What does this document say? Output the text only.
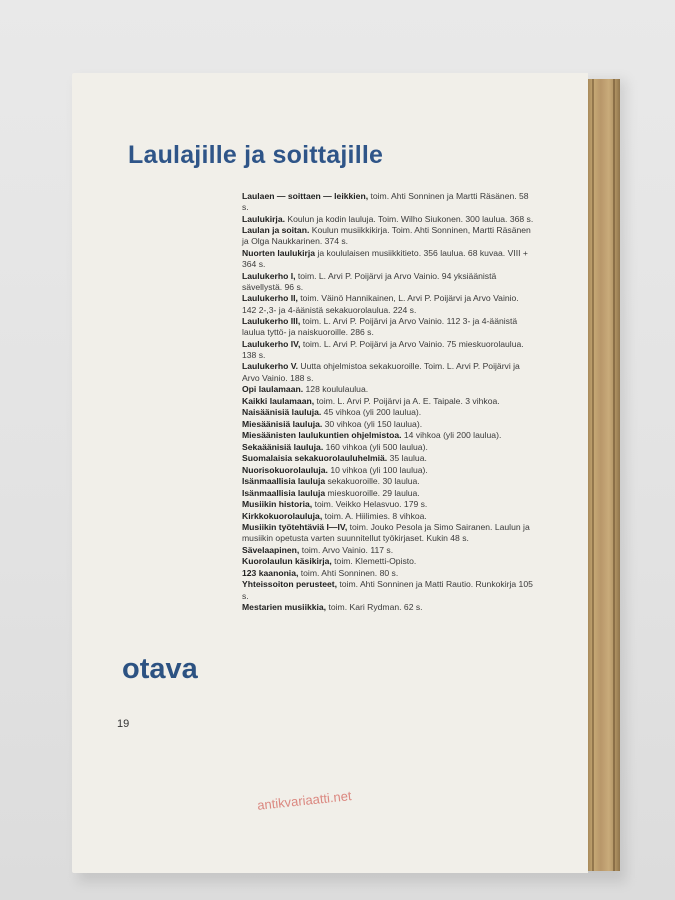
Laulajille ja soittajille
Laulaen — soittaen — leikkien, toim. Ahti Sonninen ja Martti Räsänen. 58 s.
Laulukirja. Koulun ja kodin lauluja. Toim. Wilho Siukonen. 300 laulua. 368 s.
Laulan ja soitan. Koulun musiikkikirja. Toim. Ahti Sonninen, Martti Räsänen ja Olga Naukkarinen. 374 s.
Nuorten laulukirja ja koululaisen musiikkitieto. 356 laulua. 68 kuvaa. VIII + 364 s.
Laulukerho I, toim. L. Arvi P. Poijärvi ja Arvo Vainio. 94 yksiäänistä sävellystä. 96 s.
Laulukerho II, toim. Väinö Hannikainen, L. Arvi P. Poijärvi ja Arvo Vainio. 142 2-,3- ja 4-äänistä sekakuorolaulua. 224 s.
Laulukerho III, toim. L. Arvi P. Poijärvi ja Arvo Vainio. 112 3- ja 4-äänistä laulua tyttö- ja naiskuoroille. 286 s.
Laulukerho IV, toim. L. Arvi P. Poijärvi ja Arvo Vainio. 75 mieskuorolaulua. 138 s.
Laulukerho V. Uutta ohjelmistoa sekakuoroille. Toim. L. Arvi P. Poijärvi ja Arvo Vainio. 188 s.
Opi laulamaan. 128 koululaulua.
Kaikki laulamaan, toim. L. Arvi P. Poijärvi ja A. E. Taipale. 3 vihkoa.
Naisäänisiä lauluja. 45 vihkoa (yli 200 laulua).
Miesäänisiä lauluja. 30 vihkoa (yli 150 laulua).
Miesäänisten laulukuntien ohjelmistoa. 14 vihkoa (yli 200 laulua).
Sekaäänisiä lauluja. 160 vihkoa (yli 500 laulua).
Suomalaisia sekakuorolauluhelmiä. 35 laulua.
Nuorisokuorolauluja. 10 vihkoa (yli 100 laulua).
Isänmaallisia lauluja sekakuoroille. 30 laulua.
Isänmaallisia lauluja mieskuoroille. 29 laulua.
Musiikin historia, toim. Veikko Helasvuo. 179 s.
Kirkkokuorolauluja, toim. A. Hiilimies. 8 vihkoa.
Musiikin työtehtäviä I—IV, toim. Jouko Pesola ja Simo Sairanen. Laulun ja musiikin opetusta varten suunnitellut työkirjaset. Kukin 48 s.
Sävelaapinen, toim. Arvo Vainio. 117 s.
Kuorolaulun käsikirja, toim. Klemetti-Opisto.
123 kaanonia, toim. Ahti Sonninen. 80 s.
Yhteissoiton perusteet, toim. Ahti Sonninen ja Matti Rautio. Runkokirja 105 s.
Mestarien musiikkia, toim. Kari Rydman. 62 s.
otava
19
antikvariaatti.net
